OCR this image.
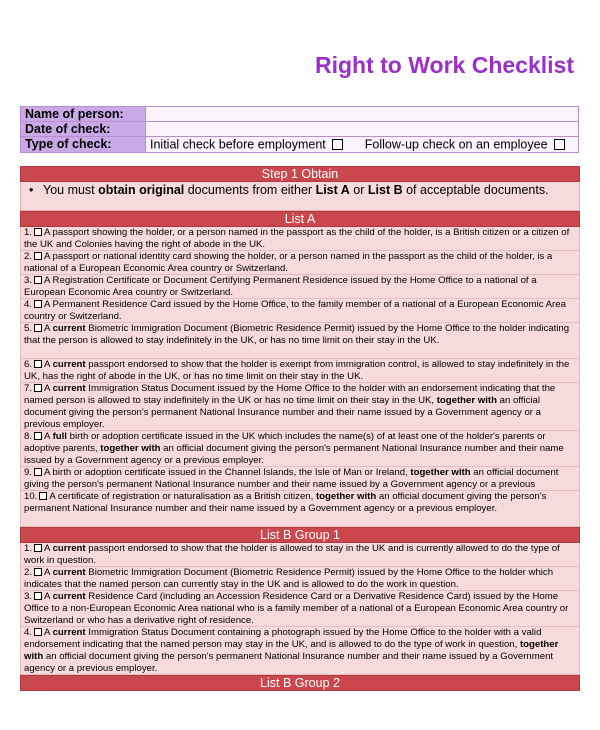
Right to Work Checklist
Name of person:	
Date of check:	
Type of check:	Initial check before employment Follow-up check on an employee
Step 1 Obtain
• You must obtain original documents from either List A or List B of acceptable documents.
List A
1. A passport showing the holder, or a person named in the passport as the child of the holder, is a British citizen or a citizen of the UK and Colonies having the right of abode in the UK.
2. A passport or national identity card showing the holder, or a person named in the passport as the child of the holder, is a national of a European Economic Area country or Switzerland.
3. A Registration Certificate or Document Certifying Permanent Residence issued by the Home Office to a national of a European Economic Area country or Switzerland.
4. A Permanent Residence Card issued by the Home Office, to the family member of a national of a European Economic Area country or Switzerland.
5. A current Biometric Immigration Document (Biometric Residence Permit) issued by the Home Office to the holder indicating that the person is allowed to stay indefinitely in the UK, or has no time limit on their stay in the UK.
6. A current passport endorsed to show that the holder is exempt from immigration control, is allowed to stay indefinitely in the UK, has the right of abode in the UK, or has no time limit on their stay in the UK.
7. A current Immigration Status Document issued by the Home Office to the holder with an endorsement indicating that the named person is allowed to stay indefinitely in the UK or has no time limit on their stay in the UK, together with an official document giving the person's permanent National Insurance number and their name issued by a Government agency or a previous employer.
8. A full birth or adoption certificate issued in the UK which includes the name(s) of at least one of the holder's parents or adoptive parents, together with an official document giving the person's permanent National Insurance number and their name issued by a Government agency or a previous employer.
9. A birth or adoption certificate issued in the Channel Islands, the Isle of Man or Ireland, together with an official document giving the person's permanent National Insurance number and their name issued by a Government agency or a previous
10. A certificate of registration or naturalisation as a British citizen, together with an official document giving the person's permanent National Insurance number and their name issued by a Government agency or a previous employer.
List B Group 1
1. A current passport endorsed to show that the holder is allowed to stay in the UK and is currently allowed to do the type of work in question.
2. A current Biometric Immigration Document (Biometric Residence Permit) issued by the Home Office to the holder which indicates that the named person can currently stay in the UK and is allowed to do the work in question.
3. A current Residence Card (including an Accession Residence Card or a Derivative Residence Card) issued by the Home Office to a non-European Economic Area national who is a family member of a national of a European Economic Area country or Switzerland or who has a derivative right of residence.
4. A current Immigration Status Document containing a photograph issued by the Home Office to the holder with a valid endorsement indicating that the named person may stay in the UK, and is allowed to do the type of work in question, together with an official document giving the person's permanent National Insurance number and their name issued by a Government agency or a previous employer.
List B Group 2
